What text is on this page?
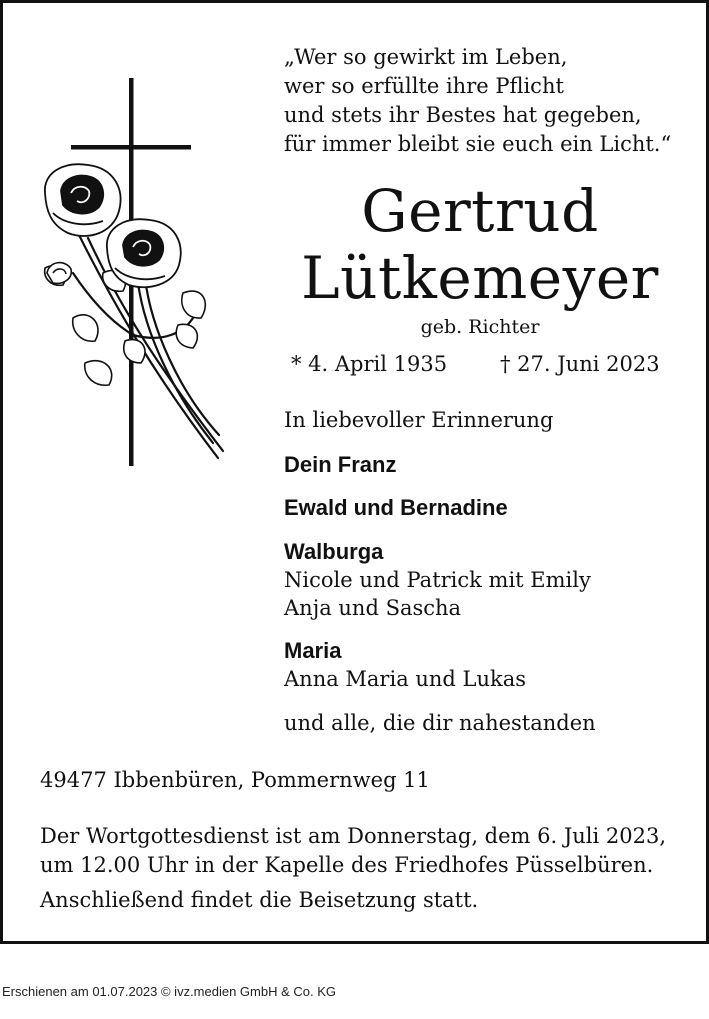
„Wer so gewirkt im Leben,
wer so erfüllte ihre Pflicht
und stets ihr Bestes hat gegeben,
für immer bleibt sie euch ein Licht.“
Gertrud
Lütkemeyer
geb. Richter
* 4. April 1935	† 27. Juni 2023
In liebevoller Erinnerung
Dein Franz
Ewald und Bernadine
Walburga
Nicole und Patrick mit Emily
Anja und Sascha
Maria
Anna Maria und Lukas
und alle, die dir nahestanden
49477 Ibbenbüren, Pommernweg 11
Der Wortgottesdienst ist am Donnerstag, dem 6. Juli 2023,
um 12.00 Uhr in der Kapelle des Friedhofes Püsselbüren.
Anschließend findet die Beisetzung statt.
Erschienen am 01.07.2023 © ivz.medien GmbH & Co. KG
